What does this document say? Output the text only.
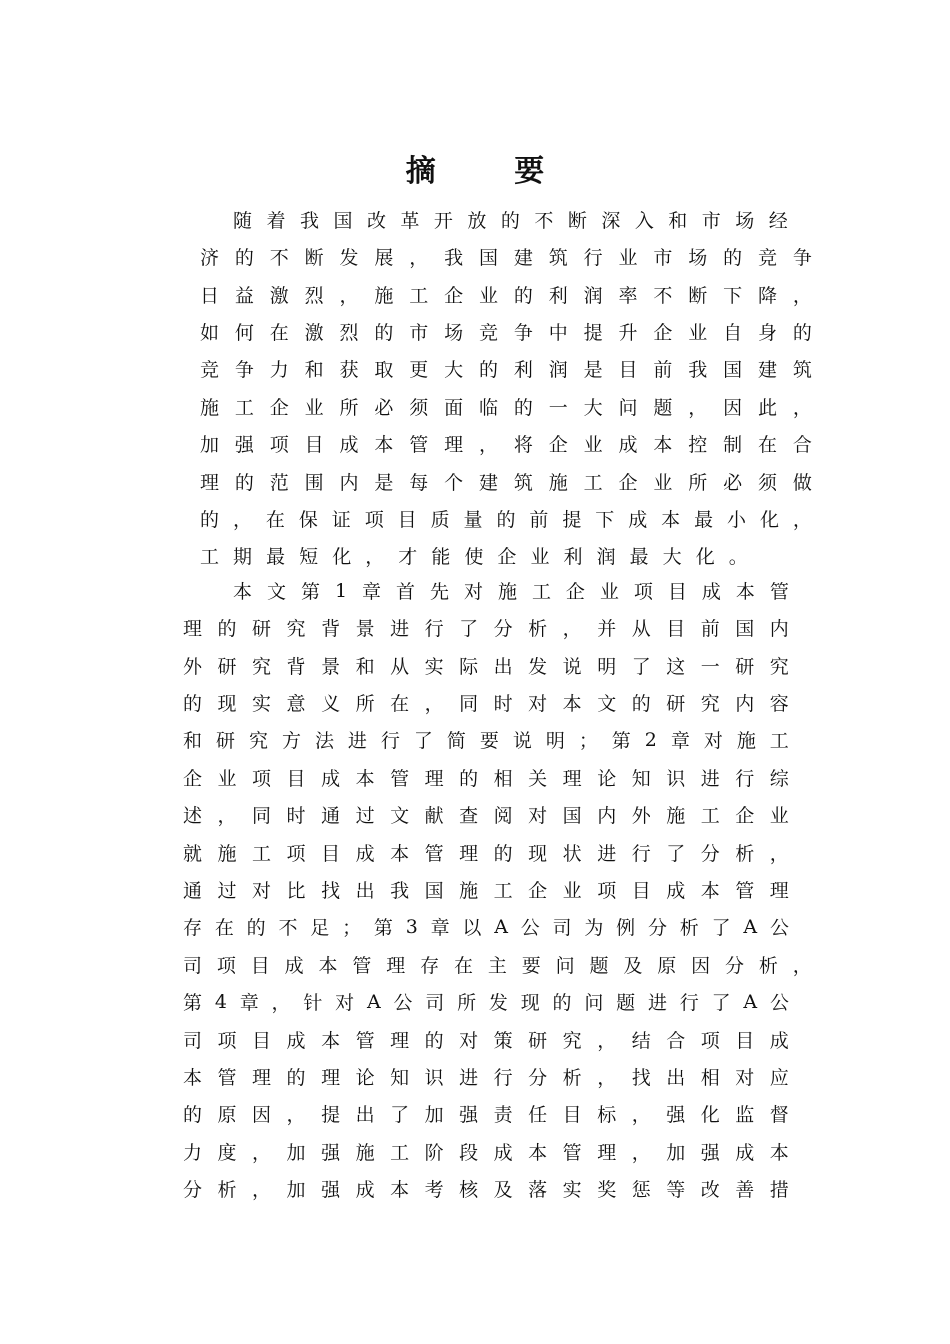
摘 要
随 着 我 国 改 革 开 放 的 不 断 深 入 和 市 场 经
济 的 不 断 发 展 ， 我 国 建 筑 行 业 市 场 的 竞 争
日 益 激 烈 ， 施 工 企 业 的 利 润 率 不 断 下 降 ，
如 何 在 激 烈 的 市 场 竞 争 中 提 升 企 业 自 身 的
竞 争 力 和 获 取 更 大 的 利 润 是 目 前 我 国 建 筑
施 工 企 业 所 必 须 面 临 的 一 大 问 题 ， 因 此 ，
加 强 项 目 成 本 管 理 ， 将 企 业 成 本 控 制 在 合
理 的 范 围 内 是 每 个 建 筑 施 工 企 业 所 必 须 做
的 ， 在 保 证 项 目 质 量 的 前 提 下 成 本 最 小 化 ，
工 期 最 短 化 ， 才 能 使 企 业 利 润 最 大 化 。
本 文 第 1 章 首 先 对 施 工 企 业 项 目 成 本 管
理 的 研 究 背 景 进 行 了 分 析 ， 并 从 目 前 国 内
外 研 究 背 景 和 从 实 际 出 发 说 明 了 这 一 研 究
的 现 实 意 义 所 在 ， 同 时 对 本 文 的 研 究 内 容
和 研 究 方 法 进 行 了 简 要 说 明 ； 第 2 章 对 施 工
企 业 项 目 成 本 管 理 的 相 关 理 论 知 识 进 行 综
述 ， 同 时 通 过 文 献 查 阅 对 国 内 外 施 工 企 业
就 施 工 项 目 成 本 管 理 的 现 状 进 行 了 分 析 ，
通 过 对 比 找 出 我 国 施 工 企 业 项 目 成 本 管 理
存 在 的 不 足 ； 第 3 章 以 A 公 司 为 例 分 析 了 A 公
司 项 目 成 本 管 理 存 在 主 要 问 题 及 原 因 分 析 ，
第 4 章 ， 针 对 A 公 司 所 发 现 的 问 题 进 行 了 A 公
司 项 目 成 本 管 理 的 对 策 研 究 ， 结 合 项 目 成
本 管 理 的 理 论 知 识 进 行 分 析 ， 找 出 相 对 应
的 原 因 ， 提 出 了 加 强 责 任 目 标 ， 强 化 监 督
力 度 ， 加 强 施 工 阶 段 成 本 管 理 ， 加 强 成 本
分 析 ， 加 强 成 本 考 核 及 落 实 奖 惩 等 改 善 措
